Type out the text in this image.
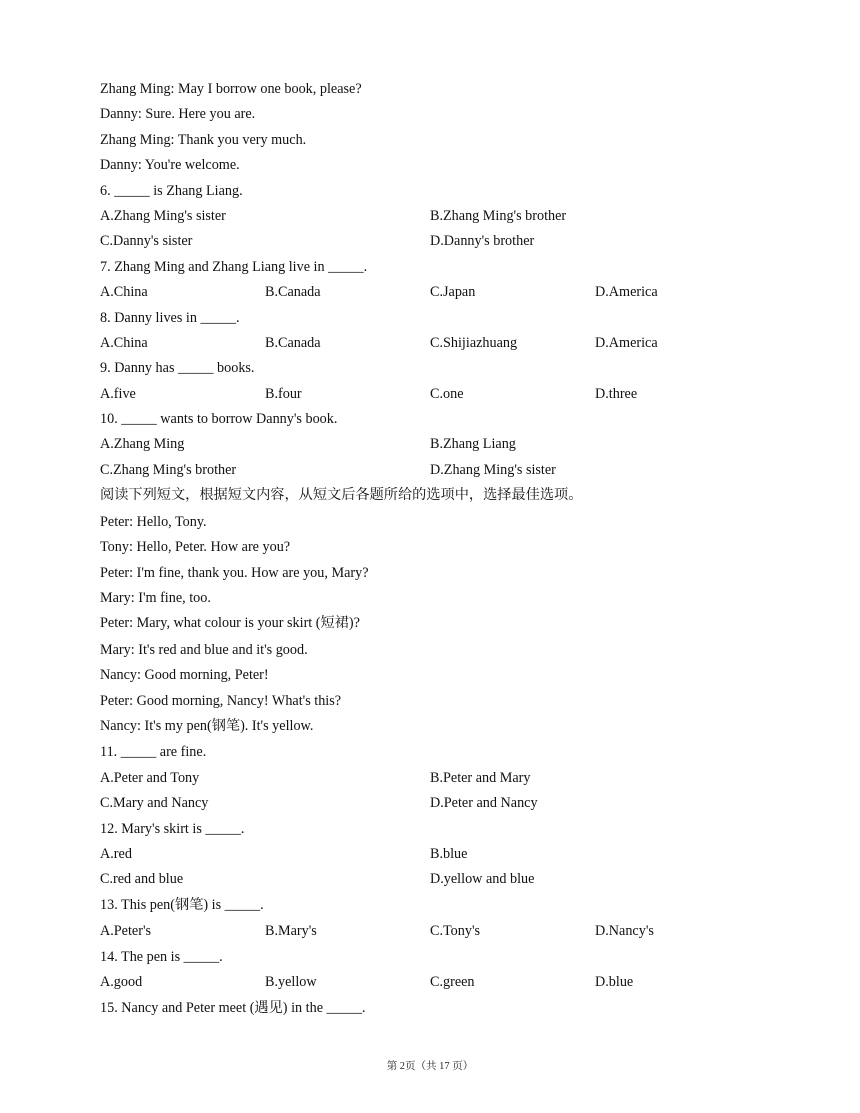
Zhang Ming: May I borrow one book, please?
Danny: Sure. Here you are.
Zhang Ming: Thank you very much.
Danny: You're welcome.
6. _____ is Zhang Liang.
A.Zhang Ming's sister	B.Zhang Ming's brother
C.Danny's sister	D.Danny's brother
7. Zhang Ming and Zhang Liang live in _____.
A.China	B.Canada	C.Japan	D.America
8. Danny lives in _____.
A.China	B.Canada	C.Shijiazhuang	D.America
9. Danny has _____ books.
A.five	B.four	C.one	D.three
10. _____ wants to borrow Danny's book.
A.Zhang Ming	B.Zhang Liang
C.Zhang Ming's brother	D.Zhang Ming's sister
阅读下列短文，根据短文内容，从短文后各题所给的选项中，选择最佳选项。
Peter: Hello, Tony.
Tony: Hello, Peter. How are you?
Peter: I'm fine, thank you. How are you, Mary?
Mary: I'm fine, too.
Peter: Mary, what colour is your skirt (短裙)?
Mary: It's red and blue and it's good.
Nancy: Good morning, Peter!
Peter: Good morning, Nancy! What's this?
Nancy: It's my pen(钢笔). It's yellow.
11. _____ are fine.
A.Peter and Tony	B.Peter and Mary
C.Mary and Nancy	D.Peter and Nancy
12. Mary's skirt is _____.
A.red	B.blue
C.red and blue	D.yellow and blue
13. This pen(钢笔) is _____.
A.Peter's	B.Mary's	C.Tony's	D.Nancy's
14. The pen is _____.
A.good	B.yellow	C.green	D.blue
15. Nancy and Peter meet (遇见) in the _____.
第 2页（共 17 页）
